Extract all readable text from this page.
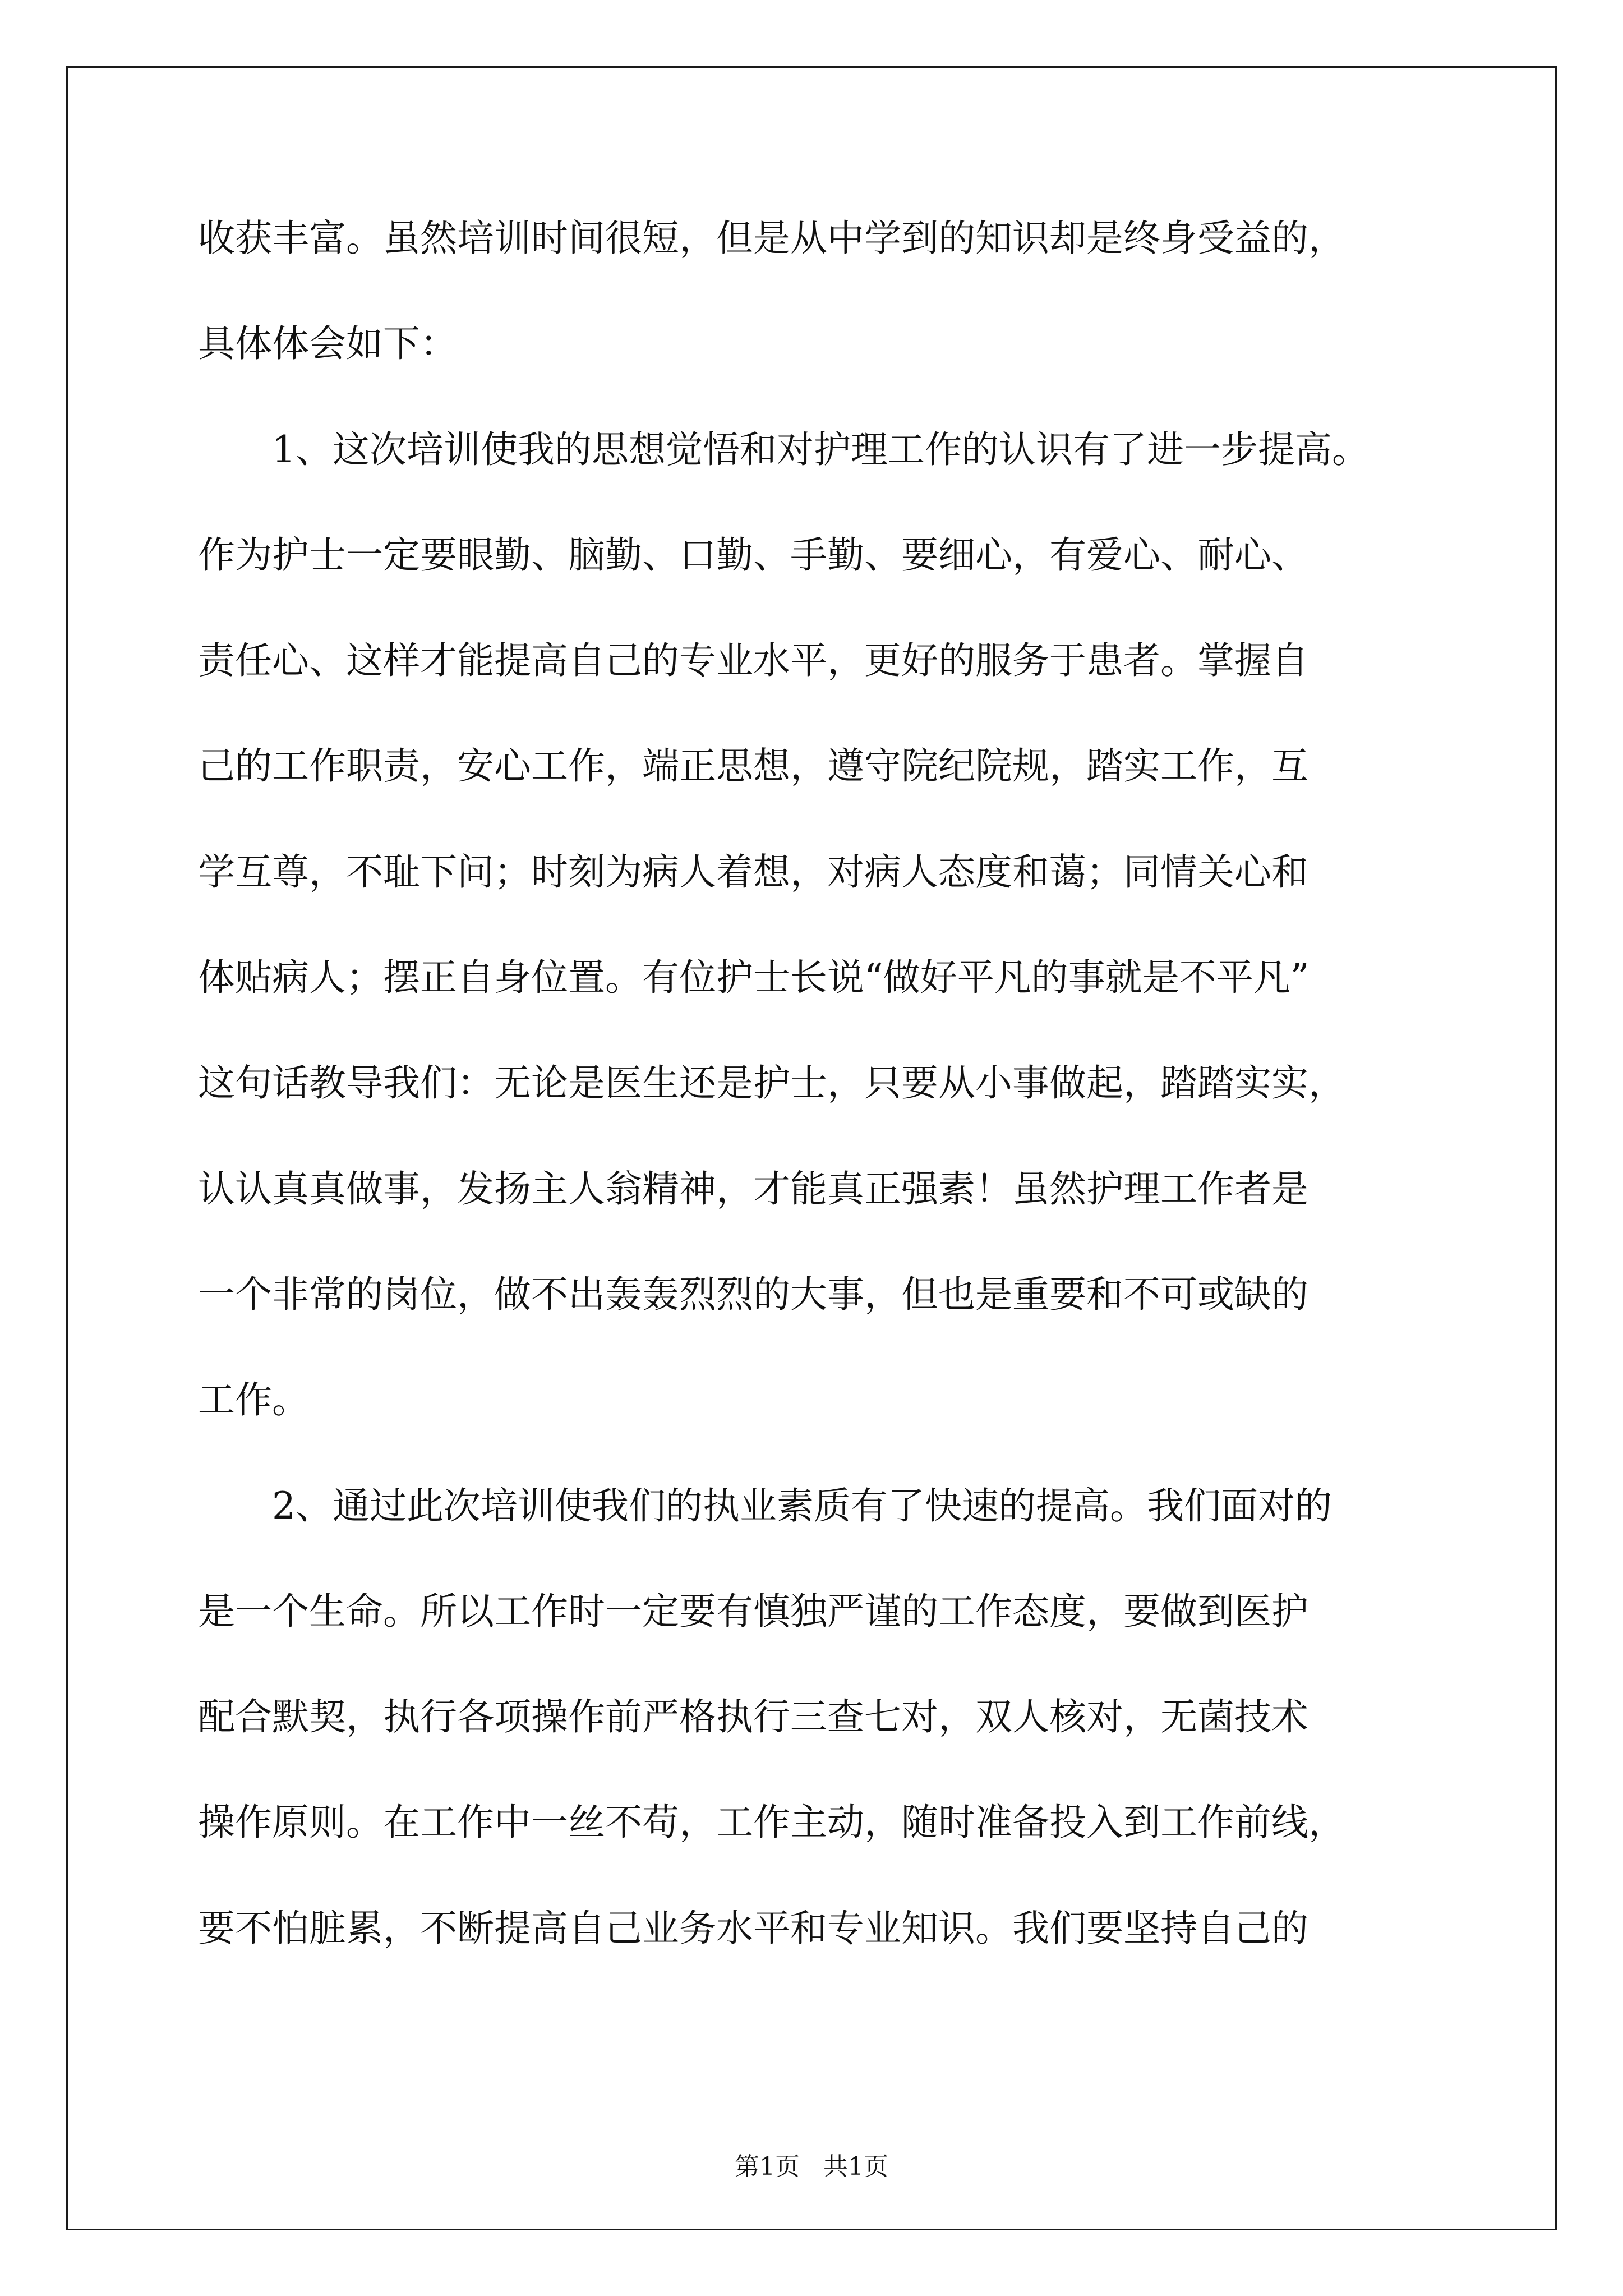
收获丰富。虽然培训时间很短，但是从中学到的知识却是终身受益的，
具体体会如下：
1、这次培训使我的思想觉悟和对护理工作的认识有了进一步提高。
作为护士一定要眼勤、脑勤、口勤、手勤、要细心，有爱心、耐心、
责任心、这样才能提高自己的专业水平，更好的服务于患者。掌握自
己的工作职责，安心工作，端正思想，遵守院纪院规，踏实工作，互
学互尊，不耻下问；时刻为病人着想，对病人态度和蔼；同情关心和
体贴病人；摆正自身位置。有位护士长说“做好平凡的事就是不平凡”
这句话教导我们：无论是医生还是护士，只要从小事做起，踏踏实实，
认认真真做事，发扬主人翁精神，才能真正强素！虽然护理工作者是
一个非常的岗位，做不出轰轰烈烈的大事，但也是重要和不可或缺的
工作。
2、通过此次培训使我们的执业素质有了快速的提高。我们面对的
是一个生命。所以工作时一定要有慎独严谨的工作态度，要做到医护
配合默契，执行各项操作前严格执行三查七对，双人核对，无菌技术
操作原则。在工作中一丝不苟，工作主动，随时准备投入到工作前线，
要不怕脏累，不断提高自己业务水平和专业知识。我们要坚持自己的
第1页   共1页
